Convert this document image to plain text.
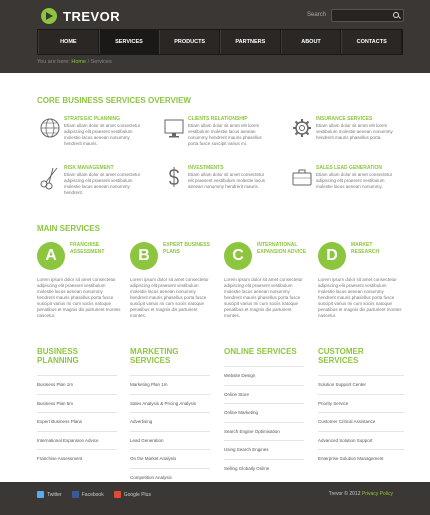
TREVOR	Search
HOME	SERVICES	PRODUCTS	PARTNERS	ABOUT	CONTACTS
You are here: Home / Services
CORE BUSINESS SERVICES OVERVIEW
STRATEGIC PLANNING
Etiam ullam dolor sit amet consectetur adipiscing elit praesent vestibulum molestie lacus aenean nonummy hendrerit mauris.
CLIENTS RELATIONSHIP
Etiam ullam dolor sit amet elit lorem vestibulum molestie lacus aenean nonummy hendrerit mauris phasellus porta fusce suscipit varius mi.
INSURANCE SERVICES
Etiam ullam dolor sit amet elit lorem vestibulum molestie aenean nonummy hendrerit mauris phasellus porta.
RISK MANAGEMENT
Etiam ullam dolor sit amet consectetur adipiscing elit praesent vestibulum molestie lacus aenean nonummy hendrerit.
INVESTMENTS
Etiam ullam dolor sit amet consectetur elit praesent vestibulum molestie lacus aenean nonummy hendrerit mauris.
SALES LEAD GENERATION
Etiam ullam dolor sit amet consectetur adipiscing elit praesent vestibulum molestie lacus aenean nonummy.
MAIN SERVICES
A
FRANCHISE ASSESSMENT
Lorem ipsum dolor sit amet consectetur adipiscing elit praesent vestibulum molestie lacus aenean nonummy hendrerit mauris phasellus porta fusce suscipit varius mi cum sociis natoque penatibus et magnis dis parturient montes nascetur.
B
EXPERT BUSINESS PLANS
Lorem ipsum dolor sit amet consectetur adipiscing elit praesent vestibulum molestie lacus aenean nonummy hendrerit mauris phasellus porta fusce suscipit varius mi cum sociis natoque penatibus et magnis dis parturient montes.
C
INTERNATIONAL EXPANSION ADVICE
Lorem ipsum dolor sit amet consectetur adipiscing elit praesent vestibulum molestie lacus aenean nonummy hendrerit mauris phasellus porta fusce suscipit varius mi cum sociis natoque penatibus et magnis dis parturient montes.
D
MARKET RESEARCH
Lorem ipsum dolor sit amet consectetur adipiscing elit praesent vestibulum molestie lacus aenean nonummy hendrerit mauris phasellus porta fusce suscipit varius mi cum sociis natoque penatibus et magnis dis parturient montes nascetur.
BUSINESS PLANNING
Business Plan 1m
Business Plan 5m
Expert Business Plans
International Expansion Advice
Franchise Assessment
MARKETING SERVICES
Marketing Plan 1m
Sales Analysis & Pricing Analysis
Advertising
Lead Generation
On the Market Analysis
Competition Analysis
ONLINE SERVICES
Website Design
Online Store
Online Marketing
Search Engine Optimisation
Using Search Engines
Selling Globally Online
CUSTOMER SERVICES
Solution Support Center
Priority Service
Customer Critical Assistance
Advanced Solution Support
Enterprise Solution Management
Twitter	Facebook	Google Plus	Trevor © 2012 Privacy Policy
